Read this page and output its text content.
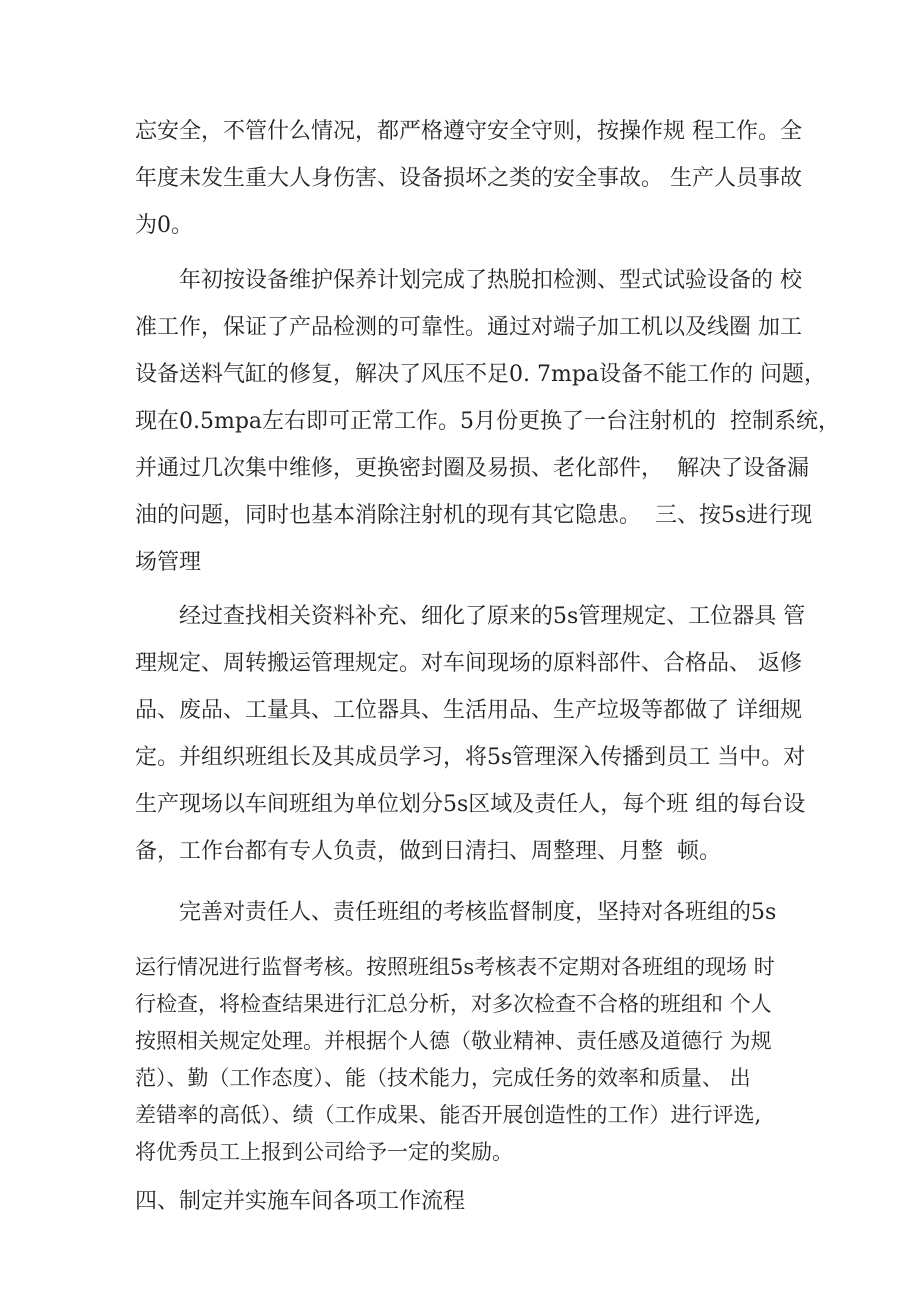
忘安全，不管什么情况，都严格遵守安全守则，按操作规 程工作。全

年度未发生重大人身伤害、设备损坏之类的安全事故。 生产人员事故

为0。

年初按设备维护保养计划完成了热脱扣检测、型式试验设备的 校

准工作，保证了产品检测的可靠性。通过对端子加工机以及线圈 加工

设备送料气缸的修复，解决了风压不足0. 7mpa设备不能工作的 问题，

现在0.5mpa左右即可正常工作。5月份更换了一台注射机的  控制系统，

并通过几次集中维修，更换密封圈及易损、老化部件，  解决了设备漏

油的问题，同时也基本消除注射机的现有其它隐患。  三、按5s进行现

场管理

经过查找相关资料补充、细化了原来的5s管理规定、工位器具 管

理规定、周转搬运管理规定。对车间现场的原料部件、合格品、 返修

品、废品、工量具、工位器具、生活用品、生产垃圾等都做了 详细规

定。并组织班组长及其成员学习，将5s管理深入传播到员工 当中。对

生产现场以车间班组为单位划分5s区域及责任人，每个班 组的每台设

备，工作台都有专人负责，做到日清扫、周整理、月整  顿。

完善对责任人、责任班组的考核监督制度，坚持对各班组的5s

运行情况进行监督考核。按照班组5s考核表不定期对各班组的现场 时

行检查，将检查结果进行汇总分析，对多次检查不合格的班组和 个人

按照相关规定处理。并根据个人德（敬业精神、责任感及道德行 为规

范）、勤（工作态度）、能（技术能力，完成任务的效率和质量、 出

差错率的高低）、绩（工作成果、能否开展创造性的工作）进行评选,

将优秀员工上报到公司给予一定的奖励。

四、制定并实施车间各项工作流程
